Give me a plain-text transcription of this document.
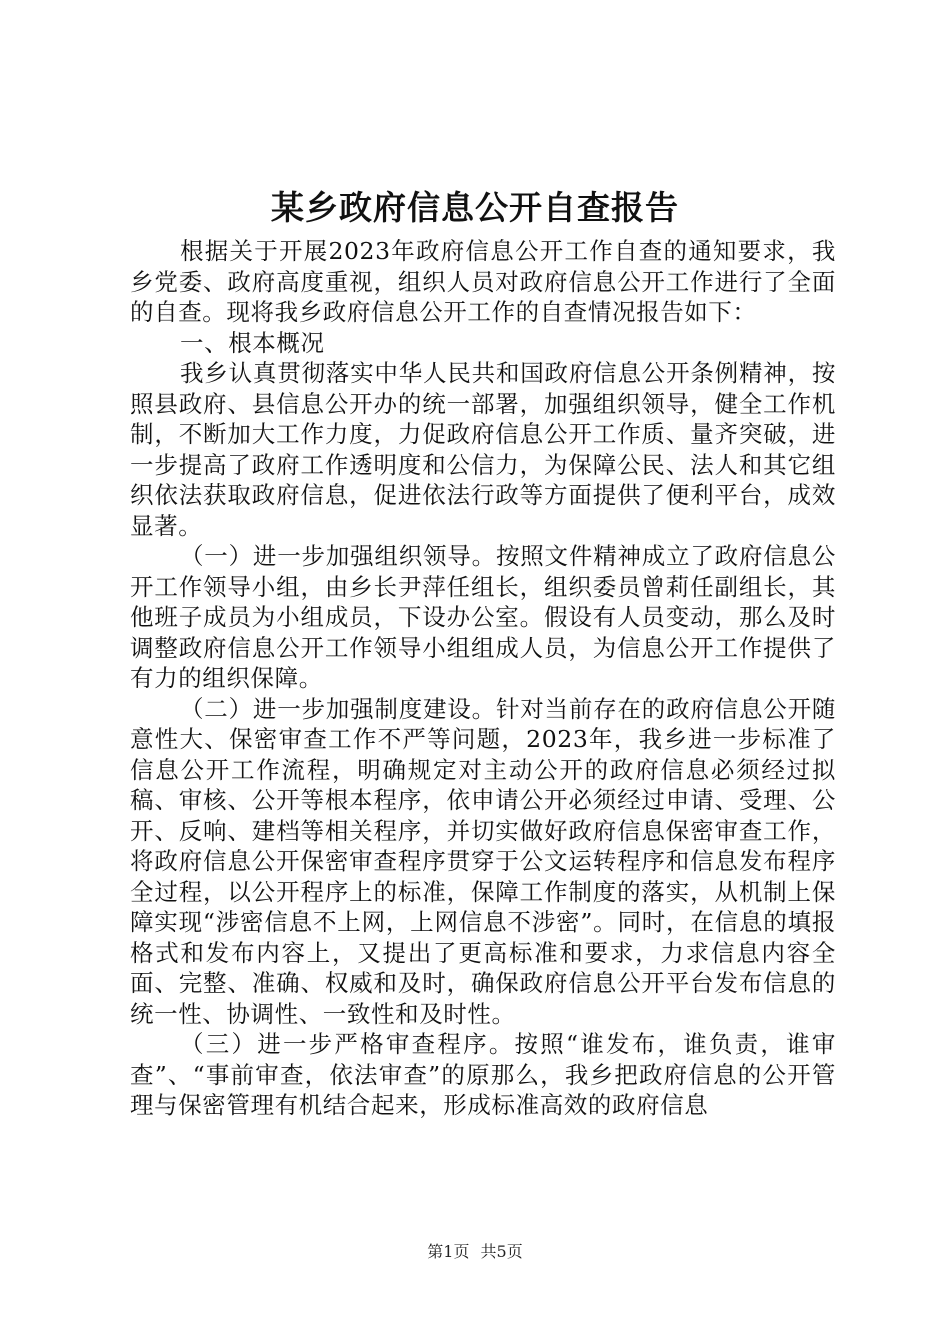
某乡政府信息公开自查报告

根据关于开展2023年政府信息公开工作自查的通知要求，我乡党委、政府高度重视，组织人员对政府信息公开工作进行了全面的自查。现将我乡政府信息公开工作的自查情况报告如下：

一、根本概况

我乡认真贯彻落实中华人民共和国政府信息公开条例精神，按照县政府、县信息公开办的统一部署，加强组织领导，健全工作机制，不断加大工作力度，力促政府信息公开工作质、量齐突破，进一步提高了政府工作透明度和公信力，为保障公民、法人和其它组织依法获取政府信息，促进依法行政等方面提供了便利平台，成效显著。

（一）进一步加强组织领导。按照文件精神成立了政府信息公开工作领导小组，由乡长尹萍任组长，组织委员曾莉任副组长，其他班子成员为小组成员，下设办公室。假设有人员变动，那么及时调整政府信息公开工作领导小组组成人员，为信息公开工作提供了有力的组织保障。

（二）进一步加强制度建设。针对当前存在的政府信息公开随意性大、保密审查工作不严等问题，2023年，我乡进一步标准了信息公开工作流程，明确规定对主动公开的政府信息必须经过拟稿、审核、公开等根本程序，依申请公开必须经过申请、受理、公开、反响、建档等相关程序，并切实做好政府信息保密审查工作，将政府信息公开保密审查程序贯穿于公文运转程序和信息发布程序全过程，以公开程序上的标准，保障工作制度的落实，从机制上保障实现“涉密信息不上网，上网信息不涉密”。同时，在信息的填报格式和发布内容上，又提出了更高标准和要求，力求信息内容全面、完整、准确、权威和及时，确保政府信息公开平台发布信息的统一性、协调性、一致性和及时性。

（三）进一步严格审查程序。按照“谁发布，谁负责，谁审查”、“事前审查，依法审查”的原那么，我乡把政府信息的公开管理与保密管理有机结合起来，形成标准高效的政府信息

第1页 共5页
